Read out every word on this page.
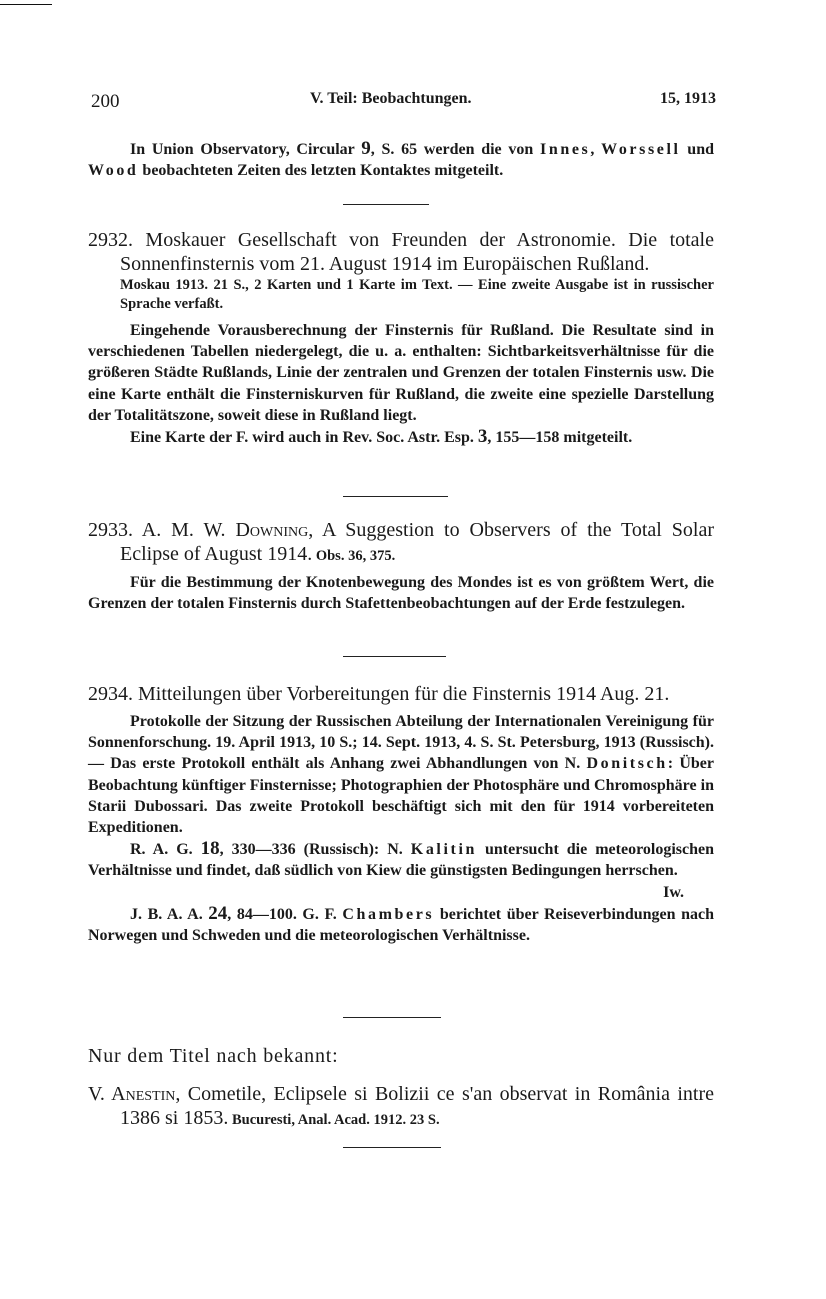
200	V. Teil: Beobachtungen.	15, 1913

In Union Observatory, Circular 9, S. 65 werden die von Innes, Worssell und Wood beobachteten Zeiten des letzten Kontaktes mitgeteilt.

2932. Moskauer Gesellschaft von Freunden der Astronomie. Die totale Sonnenfinsternis vom 21. August 1914 im Europäischen Rußland.

Moskau 1913. 21 S., 2 Karten und 1 Karte im Text. — Eine zweite Ausgabe ist in russischer Sprache verfaßt.

Eingehende Vorausberechnung der Finsternis für Rußland. Die Resultate sind in verschiedenen Tabellen niedergelegt, die u. a. enthalten: Sichtbarkeitsverhältnisse für die größeren Städte Rußlands, Linie der zentralen und Grenzen der totalen Finsternis usw. Die eine Karte enthält die Finsterniskurven für Rußland, die zweite eine spezielle Darstellung der Totalitätszone, soweit diese in Rußland liegt.

Eine Karte der F. wird auch in Rev. Soc. Astr. Esp. 3, 155—158 mitgeteilt.

2933. A. M. W. Downing, A Suggestion to Observers of the Total Solar Eclipse of August 1914. Obs. 36, 375.

Für die Bestimmung der Knotenbewegung des Mondes ist es von größtem Wert, die Grenzen der totalen Finsternis durch Stafettenbeobachtungen auf der Erde festzulegen.

2934. Mitteilungen über Vorbereitungen für die Finsternis 1914 Aug. 21.

Protokolle der Sitzung der Russischen Abteilung der Internationalen Vereinigung für Sonnenforschung. 19. April 1913, 10 S.; 14. Sept. 1913, 4. S. St. Petersburg, 1913 (Russisch). — Das erste Protokoll enthält als Anhang zwei Abhandlungen von N. Donitsch: Über Beobachtung künftiger Finsternisse; Photographien der Photosphäre und Chromosphäre in Starii Dubossari. Das zweite Protokoll beschäftigt sich mit den für 1914 vorbereiteten Expeditionen.

R. A. G. 18, 330—336 (Russisch): N. Kalitin untersucht die meteorologischen Verhältnisse und findet, daß südlich von Kiew die günstigsten Bedingungen herrschen.
Iw.

J. B. A. A. 24, 84—100. G. F. Chambers berichtet über Reiseverbindungen nach Norwegen und Schweden und die meteorologischen Verhältnisse.

Nur dem Titel nach bekannt:

V. Anestin, Cometile, Eclipsele si Bolizii ce s'an observat in România intre 1386 si 1853. Bucuresti, Anal. Acad. 1912. 23 S.
